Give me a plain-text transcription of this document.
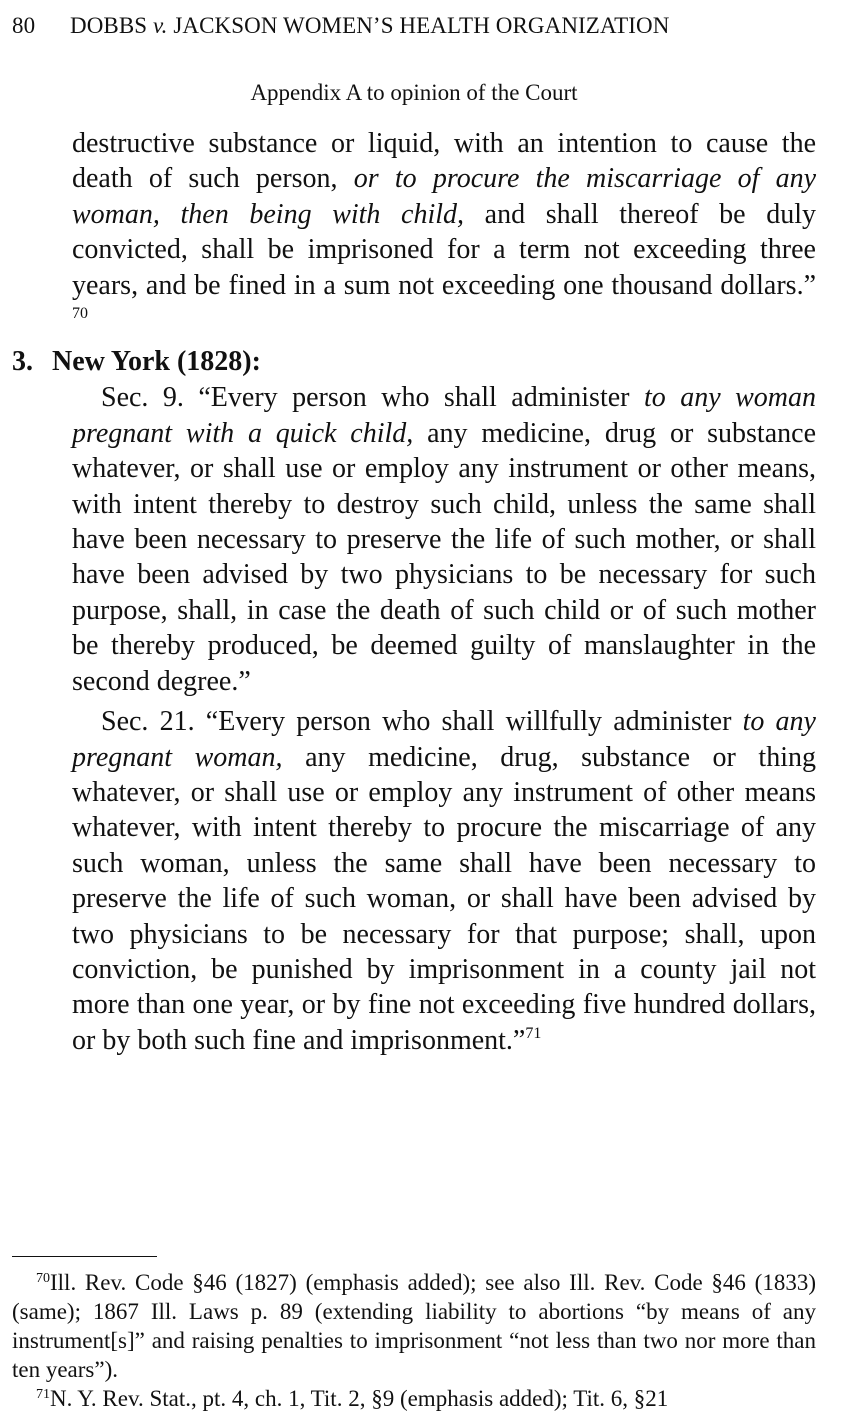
80 DOBBS v. JACKSON WOMEN’S HEALTH ORGANIZATION
Appendix A to opinion of the Court

destructive substance or liquid, with an intention to cause the death of such person, or to procure the miscarriage of any woman, then being with child, and shall thereof be duly convicted, shall be imprisoned for a term not exceeding three years, and be fined in a sum not exceeding one thousand dollars.” $^{70}$

3. New York (1828):

Sec. 9. “Every person who shall administer to any woman pregnant with a quick child, any medicine, drug or substance whatever, or shall use or employ any instrument or other means, with intent thereby to destroy such child, unless the same shall have been necessary to preserve the life of such mother, or shall have been advised by two physicians to be necessary for such purpose, shall, in case the death of such child or of such mother be thereby produced, be deemed guilty of manslaughter in the second degree.”

Sec. 21. “Every person who shall willfully administer to any pregnant woman, any medicine, drug, substance or thing whatever, or shall use or employ any instrument of other means whatever, with intent thereby to procure the miscarriage of any such woman, unless the same shall have been necessary to preserve the life of such woman, or shall have been advised by two physicians to be necessary for that purpose; shall, upon conviction, be punished by imprisonment in a county jail not more than one year, or by fine not exceeding five hundred dollars, or by both such fine and imprisonment.”$^{71}$

$^{70}$Ill. Rev. Code §46 (1827) (emphasis added); see also Ill. Rev. Code §46 (1833) (same); 1867 Ill. Laws p. 89 (extending liability to abortions “by means of any instrument[s]” and raising penalties to imprisonment “not less than two nor more than ten years”).

$^{71}$N. Y. Rev. Stat., pt. 4, ch. 1, Tit. 2, §9 (emphasis added); Tit. 6, §21
